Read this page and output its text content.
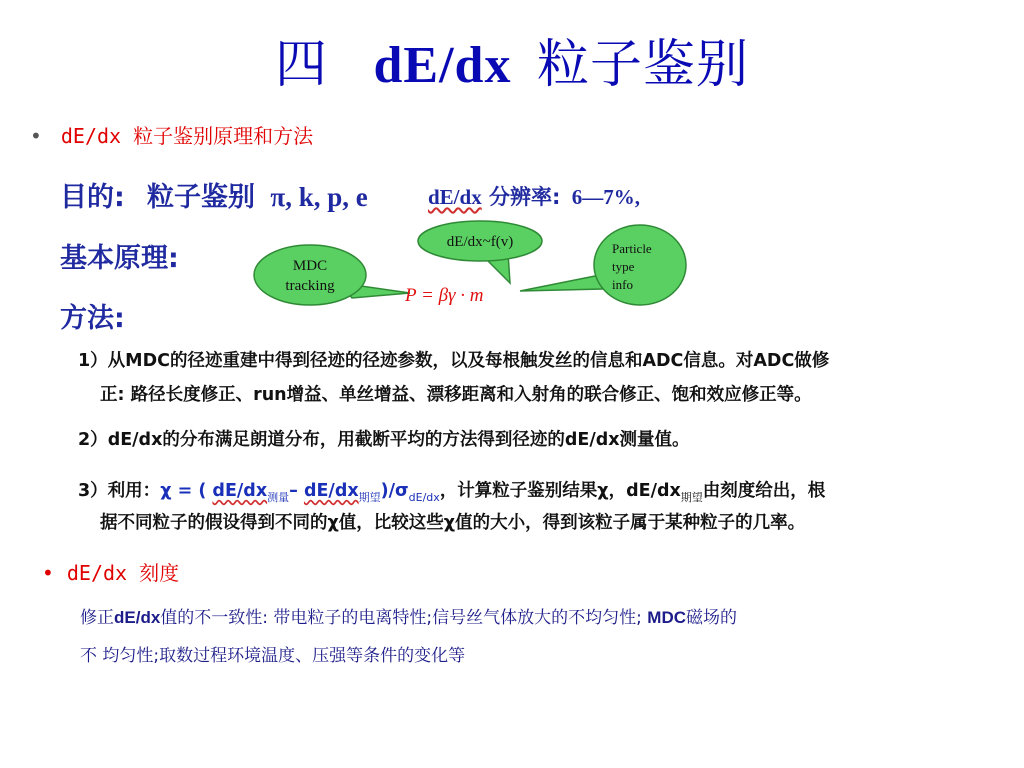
四 dE/dx 粒子鉴别
• dE/dx 粒子鉴别原理和方法
目的: 粒子鉴别 π, k, p, e	dE/dx 分辨率: 6—7%,
基本原理:	MDC
tracking
dE/dx~f(v)	Particle
type
info
P = βγ · m
方法:
1）从MDC的径迹重建中得到径迹的径迹参数，以及每根触发丝的信息和ADC信息。对ADC做修
正: 路径长度修正、run增益、单丝增益、漂移距离和入射角的联合修正、饱和效应修正等。
2）dE/dx的分布满足朗道分布，用截断平均的方法得到径迹的dE/dx测量值。
3）利用：χ = ( $dE/dx_{测量}-$ $dE/dx_{期望})/\sigma_{dE/dx}$，计算粒子鉴别结果χ，$dE/dx_{期望}$由刻度给出，根
据不同粒子的假设得到不同的χ值，比较这些χ值的大小，得到该粒子属于某种粒子的几率。
• dE/dx 刻度
修正dE/dx值的不一致性: 带电粒子的电离特性;信号丝气体放大的不均匀性; MDC磁场的
不 均匀性;取数过程环境温度、压强等条件的变化等
